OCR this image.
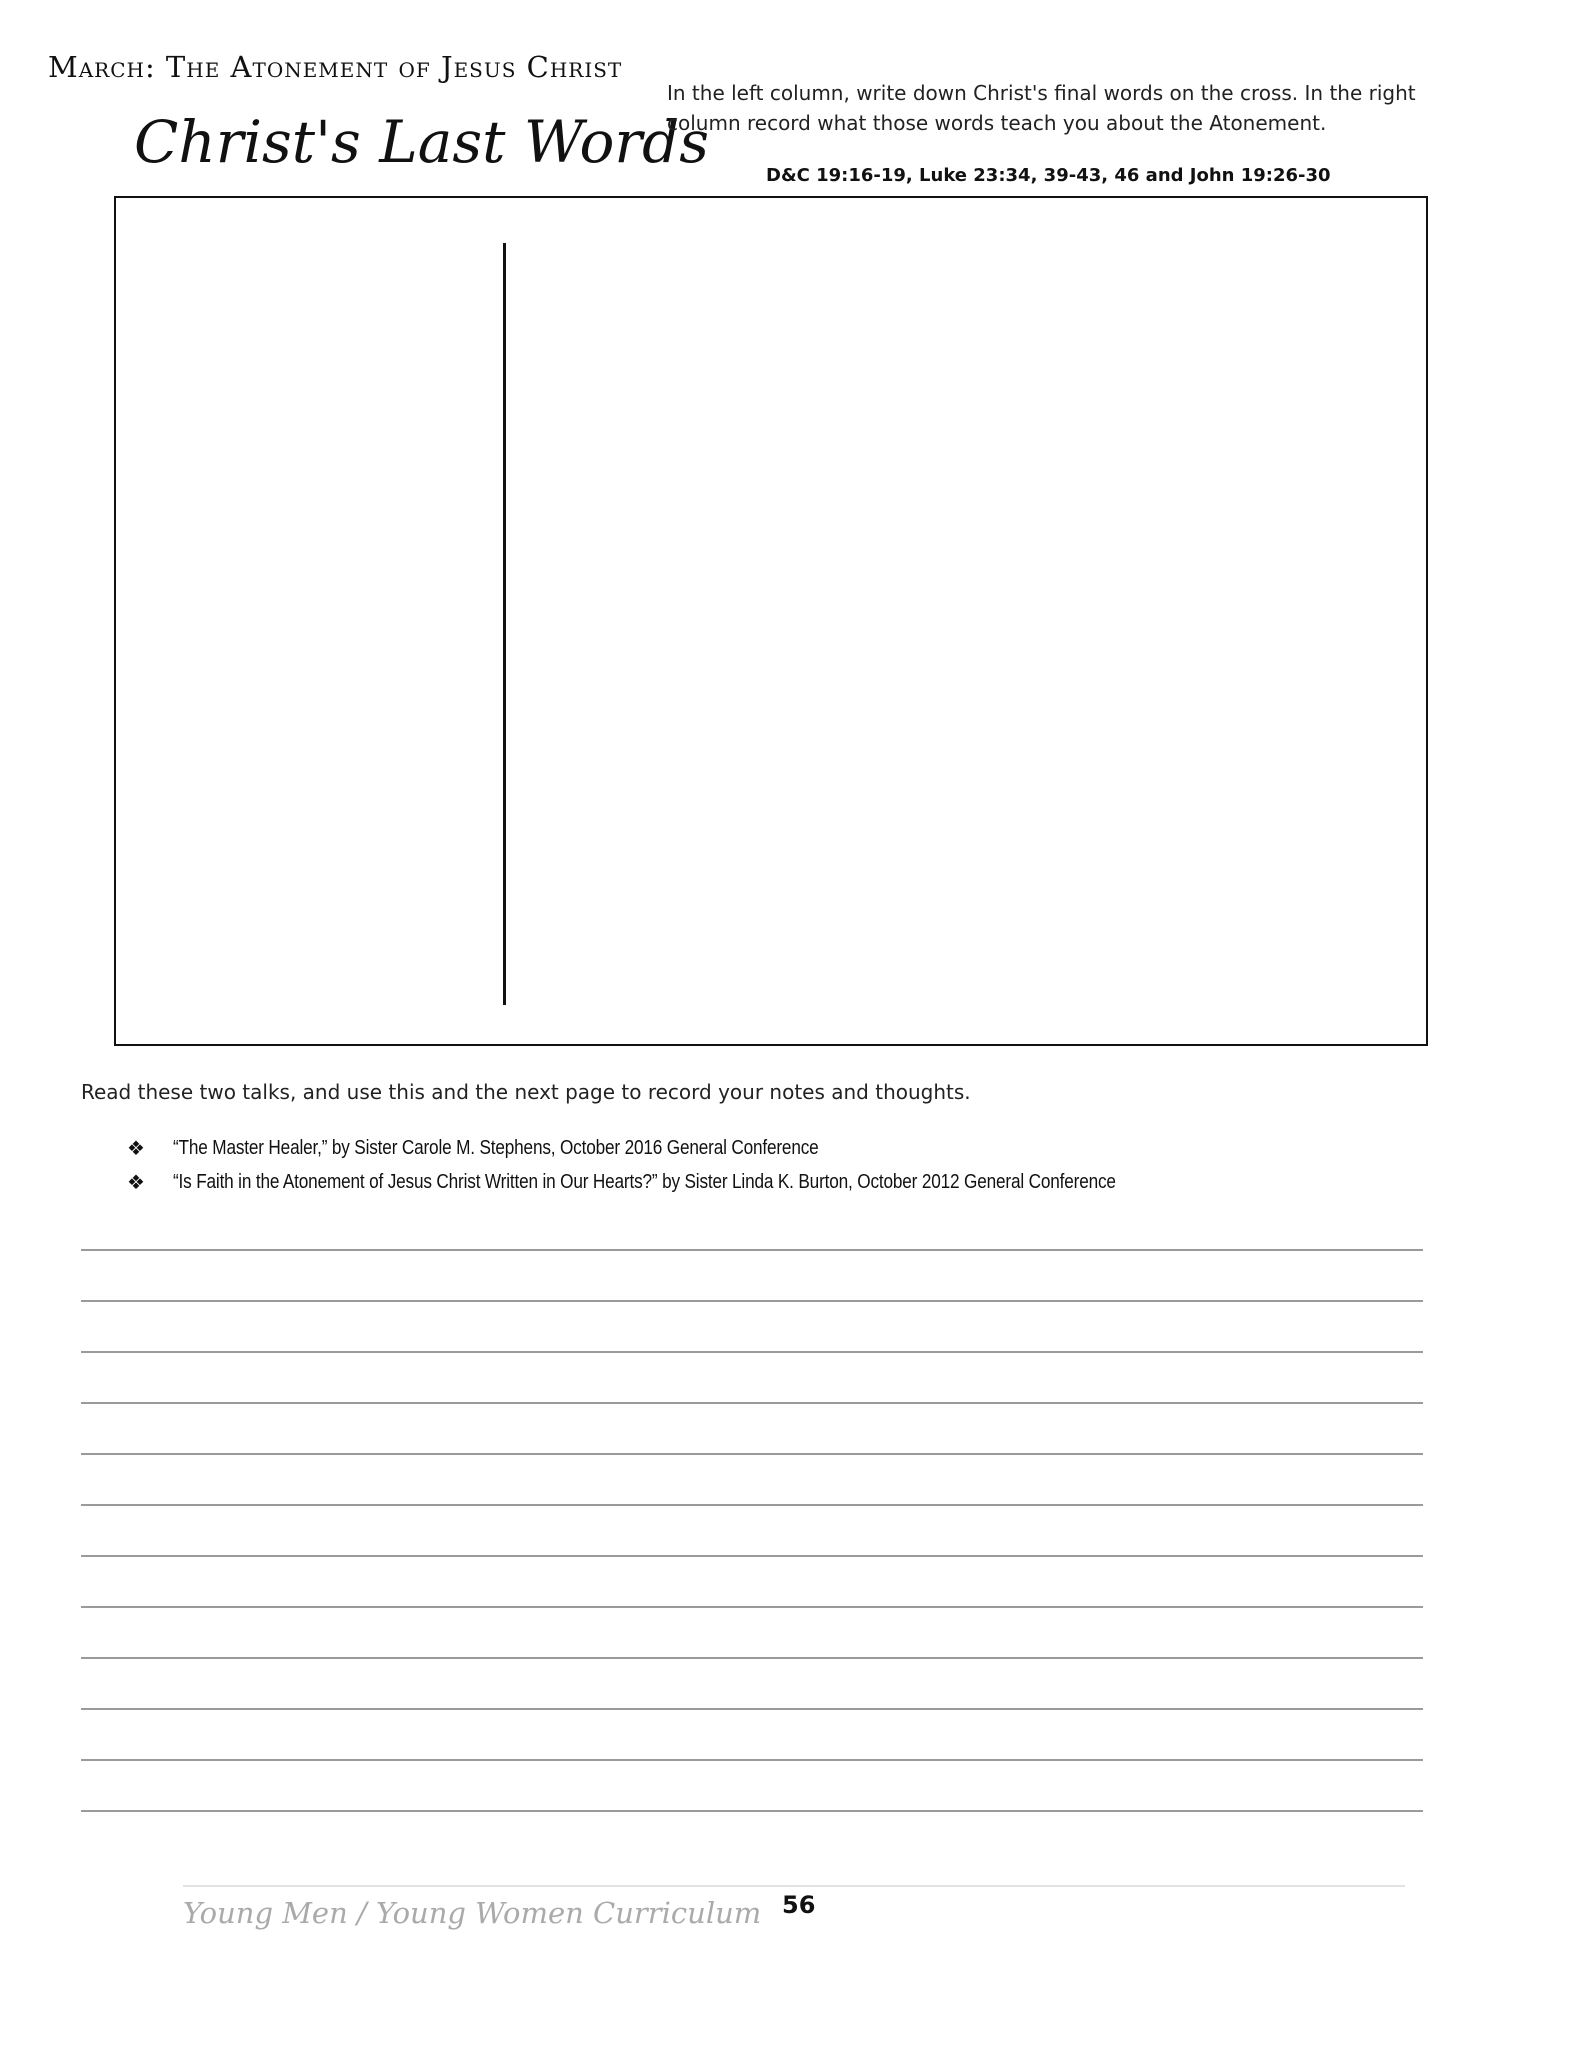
March: The Atonement of Jesus Christ
Christ's Last Words
In the left column, write down Christ's final words on the cross. In the right column record what those words teach you about the Atonement.
D&C 19:16-19, Luke 23:34, 39-43, 46 and John 19:26-30
Read these two talks, and use this and the next page to record your notes and thoughts.
❖	“The Master Healer,” by Sister Carole M. Stephens, October 2016 General Conference
❖	“Is Faith in the Atonement of Jesus Christ Written in Our Hearts?” by Sister Linda K. Burton, October 2012 General Conference
Young Men / Young Women Curriculum 56
